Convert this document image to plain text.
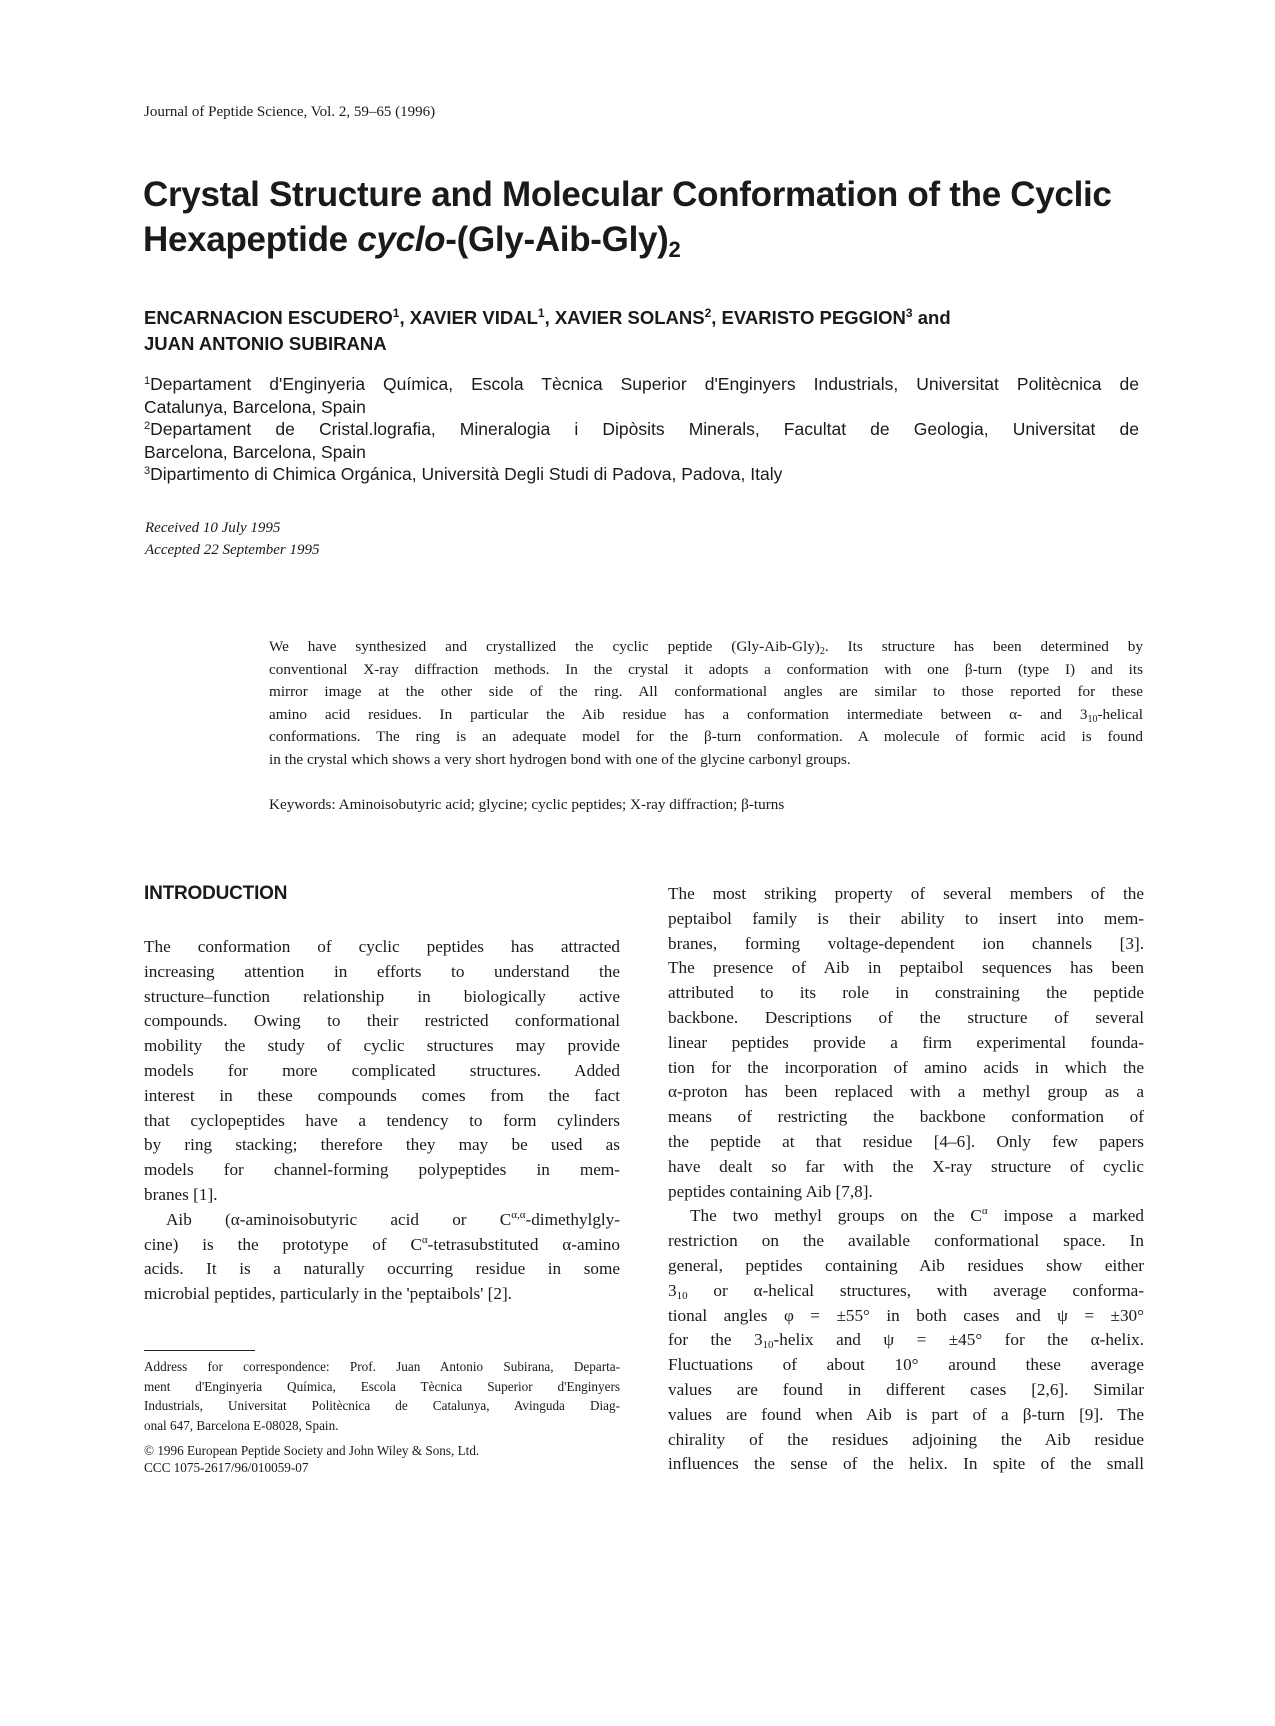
Journal of Peptide Science, Vol. 2, 59–65 (1996)
Crystal Structure and Molecular Conformation of the Cyclic
Hexapeptide cyclo-$(Gly-Aib-Gly)_2$
ENCARNACION ESCUDERO$^1$, XAVIER VIDAL$^1$, XAVIER SOLANS$^2$, EVARISTO PEGGION$^3$ and
JUAN ANTONIO SUBIRANA
$^1$Departament d'Enginyeria Química, Escola Tècnica Superior d'Enginyers Industrials, Universitat Politècnica de
Catalunya, Barcelona, Spain
$^2$Departament de Cristal.lografia, Mineralogia i Dipòsits Minerals, Facultat de Geologia, Universitat de
Barcelona, Barcelona, Spain
$^3$Dipartimento di Chimica Orgánica, Università Degli Studi di Padova, Padova, Italy
Received 10 July 1995
Accepted 22 September 1995
We have synthesized and crystallized the cyclic peptide $(Gly-Aib-Gly)_2$. Its structure has been determined by
conventional X-ray diffraction methods. In the crystal it adopts a conformation with one β-turn (type I) and its
mirror image at the other side of the ring. All conformational angles are similar to those reported for these
amino acid residues. In particular the Aib residue has a conformation intermediate between α- and $3_{10}$-helical
conformations. The ring is an adequate model for the β-turn conformation. A molecule of formic acid is found
in the crystal which shows a very short hydrogen bond with one of the glycine carbonyl groups.
Keywords: Aminoisobutyric acid; glycine; cyclic peptides; X-ray diffraction; β-turns
INTRODUCTION
The conformation of cyclic peptides has attracted
increasing attention in efforts to understand the
structure–function relationship in biologically active
compounds. Owing to their restricted conformational
mobility the study of cyclic structures may provide
models for more complicated structures. Added
interest in these compounds comes from the fact
that cyclopeptides have a tendency to form cylinders
by ring stacking; therefore they may be used as
models for channel-forming polypeptides in mem-
branes [1].
Aib (α-aminoisobutyric acid or $C^{\alpha,\alpha}-dimethylgly-$
cine) is the prototype of $C^\alpha$-tetrasubstituted α-amino
acids. It is a naturally occurring residue in some
microbial peptides, particularly in the 'peptaibols' [2].
Address for correspondence: Prof. Juan Antonio Subirana, Departa-
ment d'Enginyeria Química, Escola Tècnica Superior d'Enginyers
Industrials, Universitat Politècnica de Catalunya, Avinguda Diag-
onal 647, Barcelona E-08028, Spain.
© 1996 European Peptide Society and John Wiley & Sons, Ltd.
CCC 1075-2617/96/010059-07
The most striking property of several members of the
peptaibol family is their ability to insert into mem-
branes, forming voltage-dependent ion channels [3].
The presence of Aib in peptaibol sequences has been
attributed to its role in constraining the peptide
backbone. Descriptions of the structure of several
linear peptides provide a firm experimental founda-
tion for the incorporation of amino acids in which the
α-proton has been replaced with a methyl group as a
means of restricting the backbone conformation of
the peptide at that residue [4–6]. Only few papers
have dealt so far with the X-ray structure of cyclic
peptides containing Aib [7,8].
The two methyl groups on the $C^\alpha$ impose a marked
restriction on the available conformational space. In
general, peptides containing Aib residues show either
$3_{10}$ or α-helical structures, with average conforma-
tional angles φ = ±55° in both cases and ψ = ±30°
for the $3_{10}$-helix and ψ = ±45° for the α-helix.
Fluctuations of about 10° around these average
values are found in different cases [2,6]. Similar
values are found when Aib is part of a β-turn [9]. The
chirality of the residues adjoining the Aib residue
influences the sense of the helix. In spite of the small
